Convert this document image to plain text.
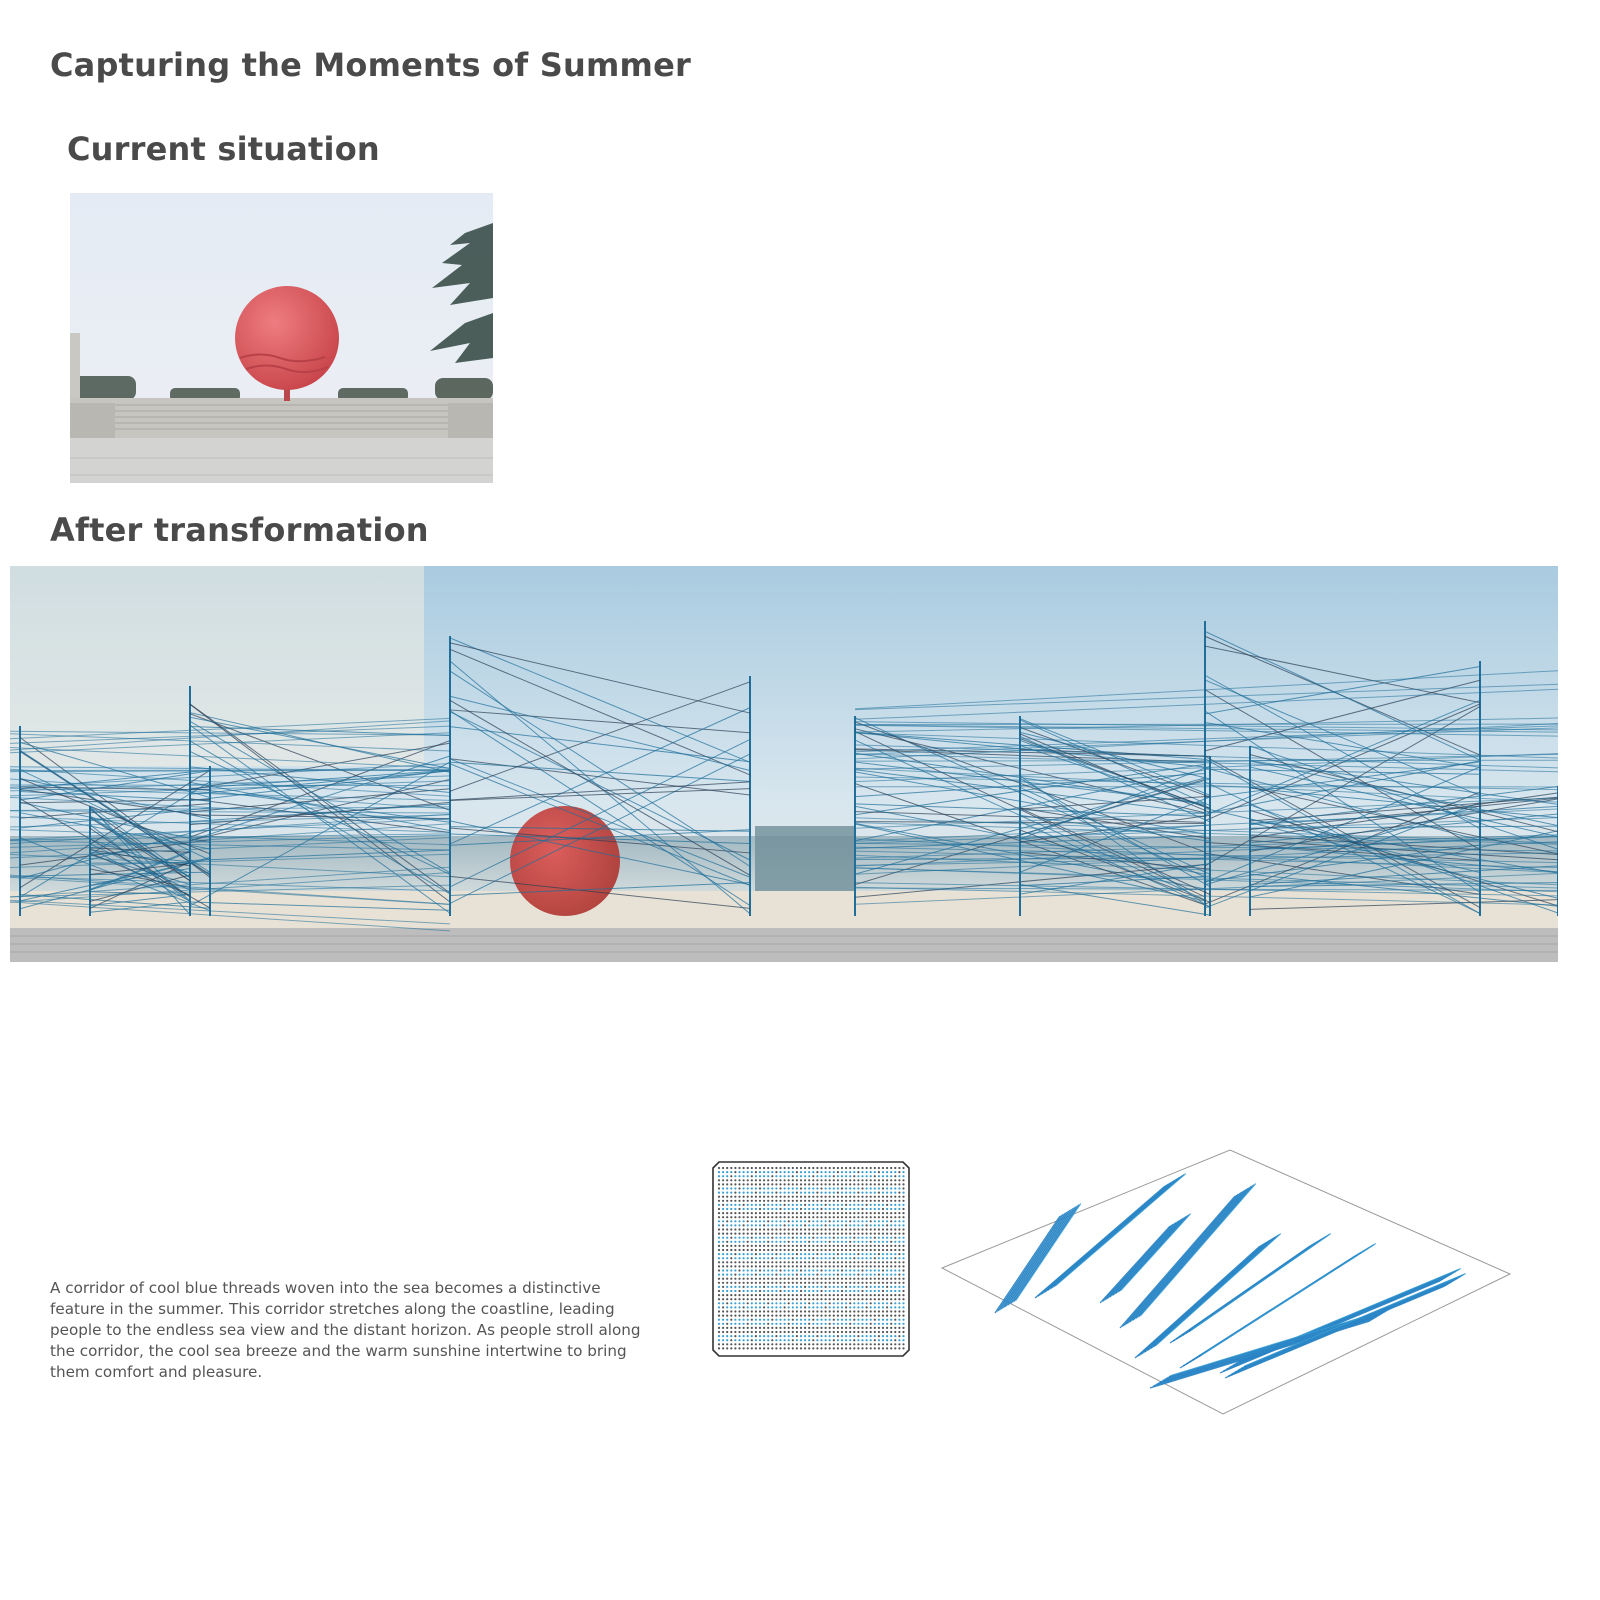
Capturing the Moments of Summer
Current situation
After transformation

A corridor of cool blue threads woven into the sea becomes a distinctive feature in the summer. This corridor stretches along the coastline, leading people to the endless sea view and the distant horizon. As people stroll along the corridor, the cool sea breeze and the warm sunshine intertwine to bring them comfort and pleasure.
